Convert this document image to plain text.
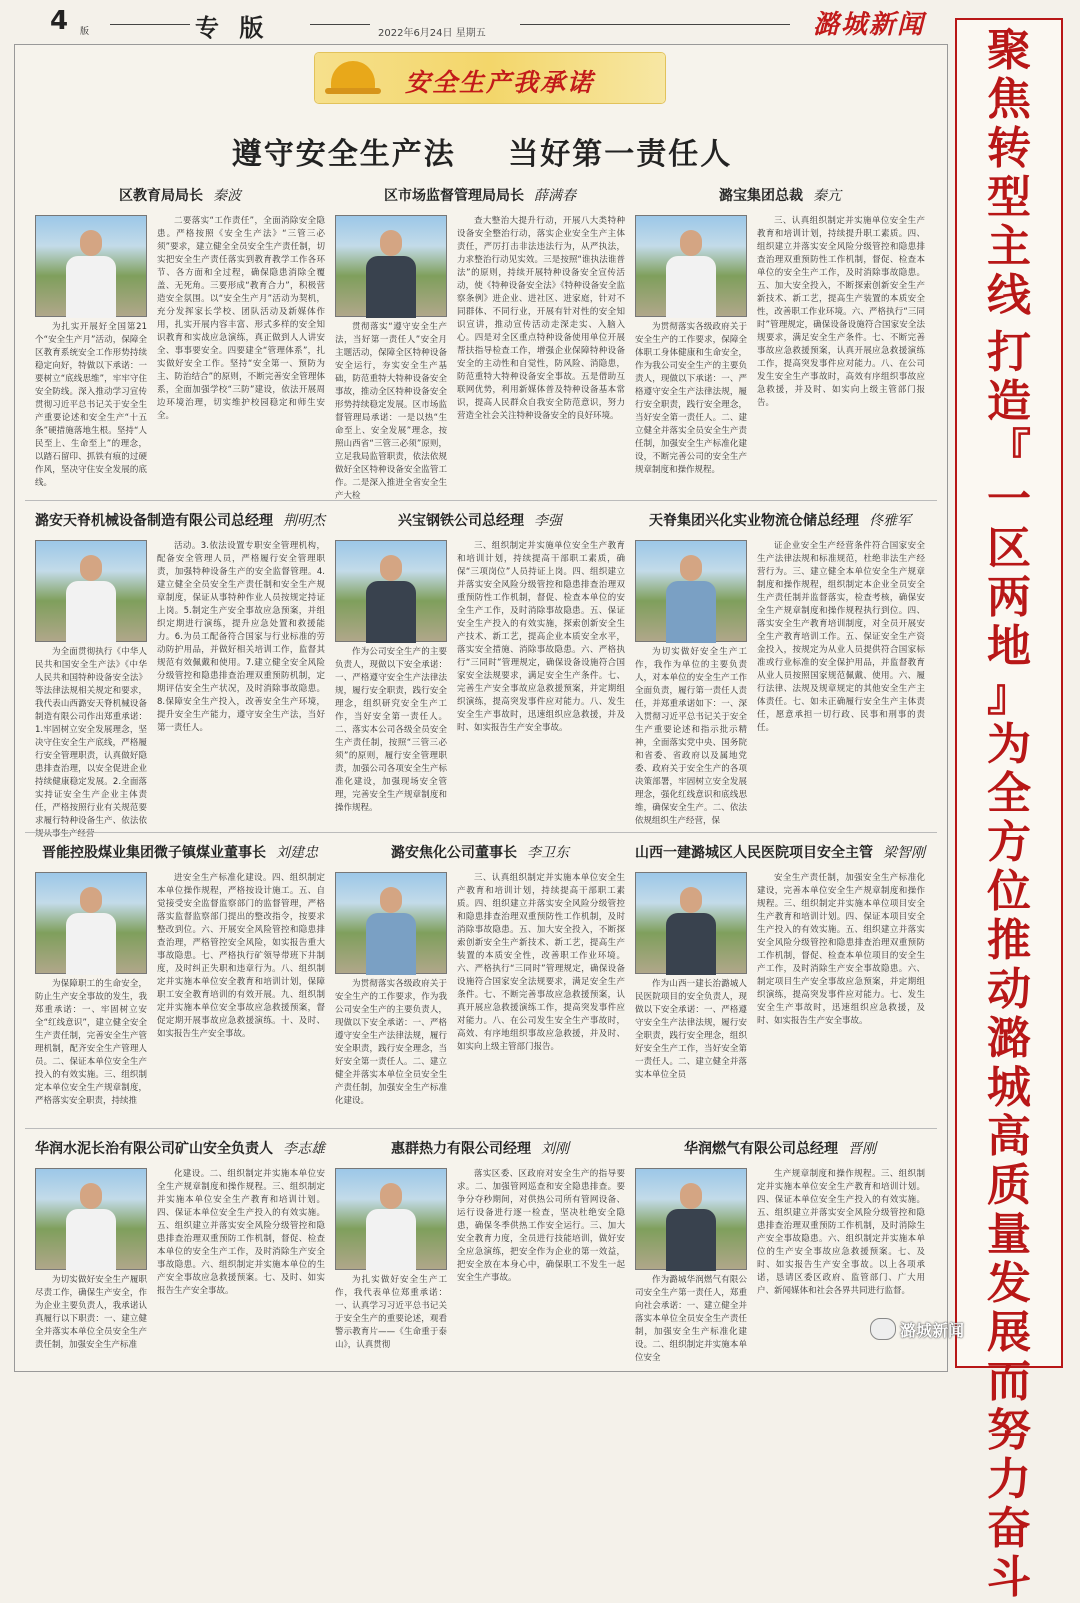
4 版	专 版	2022年6月24日 星期五	潞城新闻	聚
焦
转
型
主
线

打
造
『
一
区
两
地
』
为
全
方
位
推
动
潞
城
高
质
量
发
展
而
努
力
奋
斗
安全生产我承诺
遵守安全生产法 当好第一责任人
区教育局局长 秦波

为扎实开展好全国第21个“安全生产月”活动，保障全区教育系统安全工作形势持续稳定向好，特做以下承诺：一要树立“底线思维”，牢牢守住安全防线。深入推动学习宣传贯彻习近平总书记关于安全生产重要论述和安全生产“十五条”硬措施落地生根。坚持“人民至上、生命至上”的理念，以踏石留印、抓铁有痕的过硬作风，坚决守住安全发展的底线。

二要落实“工作责任”，全面消除安全隐患。严格按照《安全生产法》“三管三必须”要求，建立健全全员安全生产责任制，切实把安全生产责任落实到教育教学工作各环节、各方面和全过程，确保隐患消除全覆盖、无死角。三要形成“教育合力”，积极营造安全氛围。以“安全生产月”活动为契机，充分发挥家长学校、团队活动及新媒体作用，扎实开展内容丰富、形式多样的安全知识教育和实战应急演练，真正做到人人讲安全、事事要安全。四要建全“管理体系”，扎实做好安全工作。坚持“安全第一、预防为主、防治结合”的原则，不断完善安全管理体系，全面加强学校“三防”建设，依法开展周边环境治理，切实维护校园稳定和师生安全。

区市场监督管理局局长 薛满春

贯彻落实“遵守安全生产法，当好第一责任人”安全月主题活动，保障全区特种设备安全运行，夯实安全生产基础，防范重特大特种设备安全事故，推动全区特种设备安全形势持续稳定发展。区市场监督管理局承诺：一是以热“生命至上、安全发展”理念，按照山西省“三管三必须”原则，立足我局监管职责，依法依规做好全区特种设备安全监管工作。二是深入推进全省安全生产大检

查大整治大提升行动，开展八大类特种设备安全整治行动，落实企业安全生产主体责任，严厉打击非法违法行为，从严执法，力求整治行动见实效。三是按照“谁执法谁普法”的原则，持续开展特种设备安全宣传活动，使《特种设备安全法》《特种设备安全监察条例》进企业、进社区、进家庭，针对不同群体、不同行业，开展有针对性的安全知识宣讲，推动宣传活动走深走实、入脑入心。四是对全区重点特种设备使用单位开展帮扶指导检查工作，增强企业保障特种设备安全的主动性和自觉性，防风险、消隐患，防范重特大特种设备安全事故。五是借助互联网优势，利用新媒体普及特种设备基本常识，提高人民群众自我安全防范意识，努力营造全社会关注特种设备安全的良好环境。

潞宝集团总裁 秦亢

为贯彻落实各级政府关于安全生产的工作要求，保障全体职工身体健康和生命安全，作为我公司安全生产的主要负责人，现做以下承诺：一、严格遵守安全生产法律法规，履行安全职责，践行安全理念，当好安全第一责任人。二、建立健全并落实全员安全生产责任制，加强安全生产标准化建设，不断完善公司的安全生产规章制度和操作规程。

三、认真组织制定并实施单位安全生产教育和培训计划，持续提升职工素质。四、组织建立并落实安全风险分级管控和隐患排查治理双重预防性工作机制，督促、检查本单位的安全生产工作，及时消除事故隐患。五、加大安全投入，不断探索创新安全生产新技术、新工艺，提高生产装置的本质安全性，改善职工作业环境。六、严格执行“三同时”管理规定，确保设备设施符合国家安全法规要求，满足安全生产条件。七、不断完善事故应急救援预案，认真开展应急救援演练工作，提高突发事件应对能力。八、在公司发生安全生产事故时，高效有序组织事故应急救援，并及时、如实向上级主管部门报告。

潞安天脊机械设备制造有限公司总经理 荆明杰

为全面贯彻执行《中华人民共和国安全生产法》《中华人民共和国特种设备安全法》等法律法规相关规定和要求，我代表山西潞安天脊机械设备制造有限公司作出郑重承诺：1.牢固树立安全发展理念，坚决守住安全生产底线，严格履行安全管理职责，认真做好隐患排查治理，以安全促进企业持续健康稳定发展。2.全面落实持证安全生产企业主体责任，严格按照行业有关规范要求履行特种设备生产、依法依规从事生产经营

活动。3.依法设置专职安全管理机构，配备安全管理人员，严格履行安全管理职责，加强特种设备生产的安全监督管理。4.建立健全全员安全生产责任制和安全生产规章制度，保证从事特种作业人员按规定持证上岗。5.制定生产安全事故应急预案，并组织定期进行演练，提升应急处置和救援能力。6.为员工配备符合国家与行业标准的劳动防护用品，并做好相关培训工作，监督其规范有效佩戴和使用。7.建立健全安全风险分级管控和隐患排查治理双重预防机制，定期评估安全生产状况，及时消除事故隐患。8.保障安全生产投入，改善安全生产环境，提升安全生产能力，遵守安全生产法，当好第一责任人。

兴宝钢铁公司总经理 李强

作为公司安全生产的主要负责人，现做以下安全承诺：一、严格遵守安全生产法律法规，履行安全职责，践行安全理念，组织研究安全生产工作，当好安全第一责任人。二、落实本公司各级全员安全生产责任制，按照“三管三必须”的原则，履行安全管理职责，加强公司各项安全生产标准化建设，加强现场安全管理，完善安全生产规章制度和操作规程。

三、组织制定并实施单位安全生产教育和培训计划，持续提高干部职工素质，确保“三项岗位”人员持证上岗。四、组织建立并落实安全风险分级管控和隐患排查治理双重预防性工作机制，督促、检查本单位的安全生产工作，及时消除事故隐患。五、保证安全生产投入的有效实施，探索创新安全生产技术、新工艺，提高企业本质安全水平，落实安全措施、消除事故隐患。六、严格执行“三同时”管理规定，确保设备设施符合国家安全法规要求，满足安全生产条件。七、完善生产安全事故应急救援预案，并定期组织演练，提高突发事件应对能力。八、发生安全生产事故时，迅速组织应急救援，并及时、如实报告生产安全事故。

天脊集团兴化实业物流仓储总经理 佟雅军

为切实做好安全生产工作，我作为单位的主要负责人，对本单位的安全生产工作全面负责，履行第一责任人责任，并郑重承诺如下：一、深入贯彻习近平总书记关于安全生产重要论述和指示批示精神，全面落实党中央、国务院和省委、省政府以及属地党委、政府关于安全生产的各项决策部署，牢固树立安全发展理念，强化红线意识和底线思维，确保安全生产。二、依法依规组织生产经营，保

证企业安全生产经营条件符合国家安全生产法律法规和标准规范，杜绝非法生产经营行为。三、建立健全本单位安全生产规章制度和操作规程，组织制定本企业全员安全生产责任制并监督落实，检查考核，确保安全生产规章制度和操作规程执行到位。四、落实安全生产教育培训制度，对全员开展安全生产教育培训工作。五、保证安全生产资金投入，按规定为从业人员提供符合国家标准或行业标准的安全保护用品，并监督教育从业人员按照国家规范佩戴、使用。六、履行法律、法规及规章规定的其他安全生产主体责任。七、如未正确履行安全生产主体责任，愿意承担一切行政、民事和刑事的责任。

晋能控股煤业集团微子镇煤业董事长 刘建忠

为保障职工的生命安全，防止生产安全事故的发生，我郑重承诺：一、牢固树立安全“红线意识”，建立健全安全生产责任制，完善安全生产管理机制，配齐安全生产管理人员。二、保证本单位安全生产投入的有效实施。三、组织制定本单位安全生产规章制度，严格落实安全职责，持续推

进安全生产标准化建设。四、组织制定本单位操作规程，严格按设计施工。五、自觉接受安全监督监察部门的监督管理，严格落实监督监察部门提出的整改指令，按要求整改到位。六、开展安全风险管控和隐患排查治理，严格管控安全风险，如实报告重大事故隐患。七、严格执行矿领导带班下井制度，及时纠正失职和违章行为。八、组织制定并实施本单位安全教育和培训计划，保障职工安全教育培训的有效开展。九、组织制定并实施本单位安全事故应急救援预案，督促定期开展事故应急救援演练。十、及时、如实报告生产安全事故。

潞安焦化公司董事长 李卫东

为贯彻落实各级政府关于安全生产的工作要求，作为我公司安全生产的主要负责人，现做以下安全承诺：一、严格遵守安全生产法律法规，履行安全职责，践行安全理念，当好安全第一责任人。二、建立健全并落实本单位全员安全生产责任制，加强安全生产标准化建设。

三、认真组织制定并实施本单位安全生产教育和培训计划，持续提高干部职工素质。四、组织建立并落实安全风险分级管控和隐患排查治理双重预防性工作机制，及时消除事故隐患。五、加大安全投入，不断探索创新安全生产新技术、新工艺，提高生产装置的本质安全性，改善职工作业环境。六、严格执行“三同时”管理规定，确保设备设施符合国家安全法规要求，满足安全生产条件。七、不断完善事故应急救援预案，认真开展应急救援演练工作，提高突发事件应对能力。八、在公司发生安全生产事故时，高效、有序地组织事故应急救援，并及时、如实向上级主管部门报告。

山西一建潞城区人民医院项目安全主管 梁智刚

作为山西一建长治潞城人民医院项目的安全负责人，现做以下安全承诺：一、严格遵守安全生产法律法规，履行安全职责，践行安全理念，组织好安全生产工作，当好安全第一责任人。二、建立健全并落实本单位全员

安全生产责任制，加强安全生产标准化建设，完善本单位安全生产规章制度和操作规程。三、组织制定并实施本单位项目安全生产教育和培训计划。四、保证本项目安全生产投入的有效实施。五、组织建立并落实安全风险分级管控和隐患排查治理双重预防工作机制，督促、检查本单位项目的安全生产工作，及时消除生产安全事故隐患。六、制定项目生产安全事故应急预案，并定期组织演练，提高突发事件应对能力。七、发生安全生产事故时，迅速组织应急救援，及时、如实报告生产安全事故。

华润水泥长治有限公司矿山安全负责人 李志雄

为切实做好安全生产履职尽责工作，确保生产安全，作为企业主要负责人，我承诺认真履行以下职责：一、建立健全并落实本单位全员安全生产责任制，加强安全生产标准

化建设。二、组织制定并实施本单位安全生产规章制度和操作规程。三、组织制定并实施本单位安全生产教育和培训计划。四、保证本单位安全生产投入的有效实施。五、组织建立并落实安全风险分级管控和隐患排查治理双重预防工作机制，督促、检查本单位的安全生产工作，及时消除生产安全事故隐患。六、组织制定并实施本单位的生产安全事故应急救援预案。七、及时、如实报告生产安全事故。

惠群热力有限公司经理 刘刚

为扎实做好安全生产工作，我代表单位郑重承诺：一、认真学习习近平总书记关于安全生产的重要论述，观看警示教育片——《生命重于泰山》，认真贯彻

落实区委、区政府对安全生产的指导要求。二、加强管网巡查和安全隐患排查。要争分夺秒期间，对供热公司所有管网设备、运行设备进行逐一检查，坚决杜绝安全隐患，确保冬季供热工作安全运行。三、加大安全教育力度，全员进行技能培训，做好安全应急演练，把安全作为企业的第一效益，把安全放在本身心中，确保职工不发生一起安全生产事故。

华润燃气有限公司总经理 晋刚

作为潞城华润燃气有限公司安全生产第一责任人，郑重向社会承诺：一、建立健全并落实本单位全员安全生产责任制，加强安全生产标准化建设。二、组织制定并实施本单位安全

生产规章制度和操作规程。三、组织制定并实施本单位安全生产教育和培训计划。四、保证本单位安全生产投入的有效实施。五、组织建立并落实安全风险分级管控和隐患排查治理双重预防工作机制，及时消除生产安全事故隐患。六、组织制定并实施本单位的生产安全事故应急救援预案。七、及时、如实报告生产安全事故。以上各项承诺，恳请区委区政府、监管部门、广大用户、新闻媒体和社会各界共同进行监督。

潞城新闻
